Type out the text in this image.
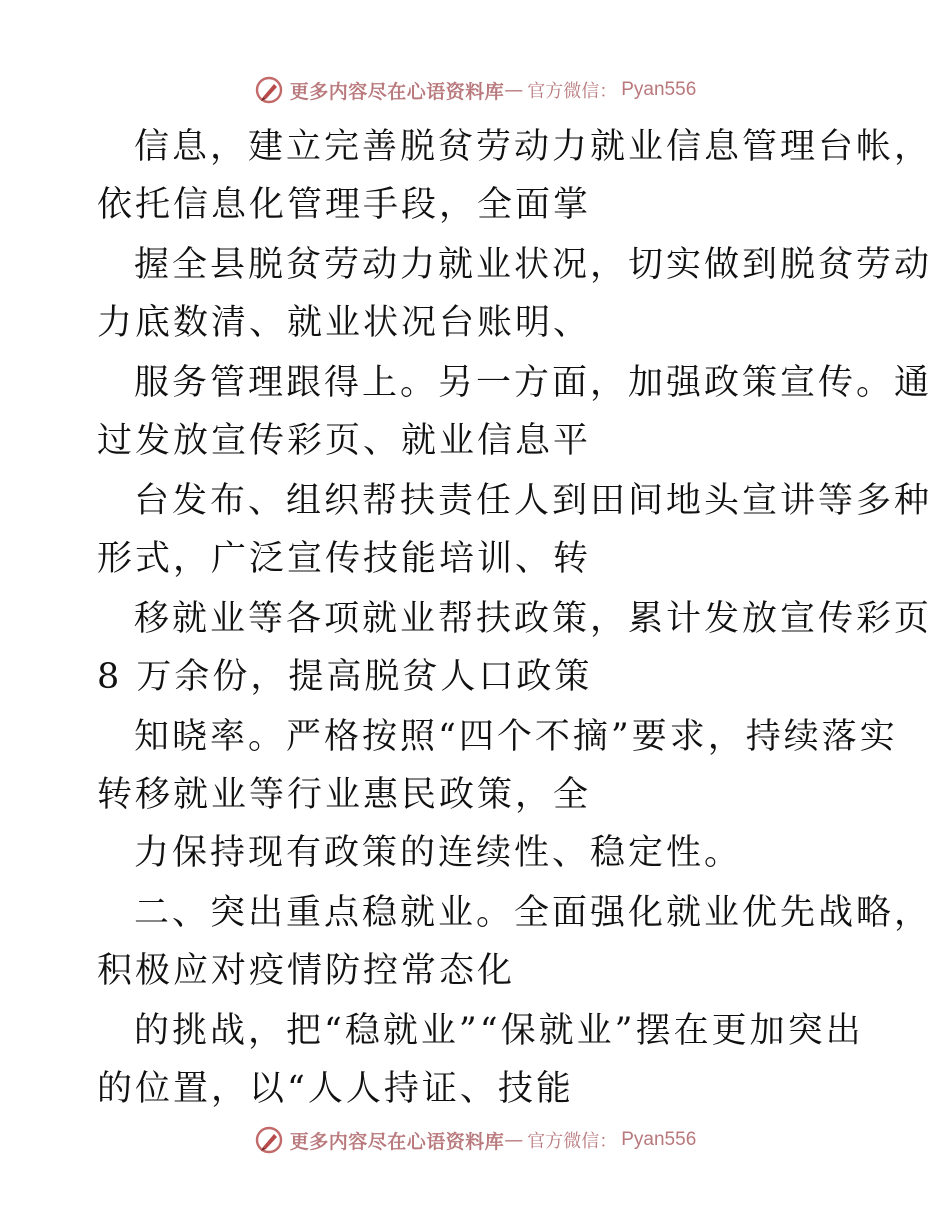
更多内容尽在心语资料库 — 官方微信： Pyan556
信息，建立完善脱贫劳动力就业信息管理台帐，
依托信息化管理手段，全面掌
握全县脱贫劳动力就业状况，切实做到脱贫劳动
力底数清、就业状况台账明、
服务管理跟得上。另一方面，加强政策宣传。通
过发放宣传彩页、就业信息平
台发布、组织帮扶责任人到田间地头宣讲等多种
形式，广泛宣传技能培训、转
移就业等各项就业帮扶政策，累计发放宣传彩页
8 万余份，提高脱贫人口政策
知晓率。严格按照“四个不摘”要求，持续落实
转移就业等行业惠民政策，全
力保持现有政策的连续性、稳定性。
二、突出重点稳就业。全面强化就业优先战略，
积极应对疫情防控常态化
的挑战，把“稳就业”“保就业”摆在更加突出
的位置，以“人人持证、技能
更多内容尽在心语资料库 — 官方微信： Pyan556
